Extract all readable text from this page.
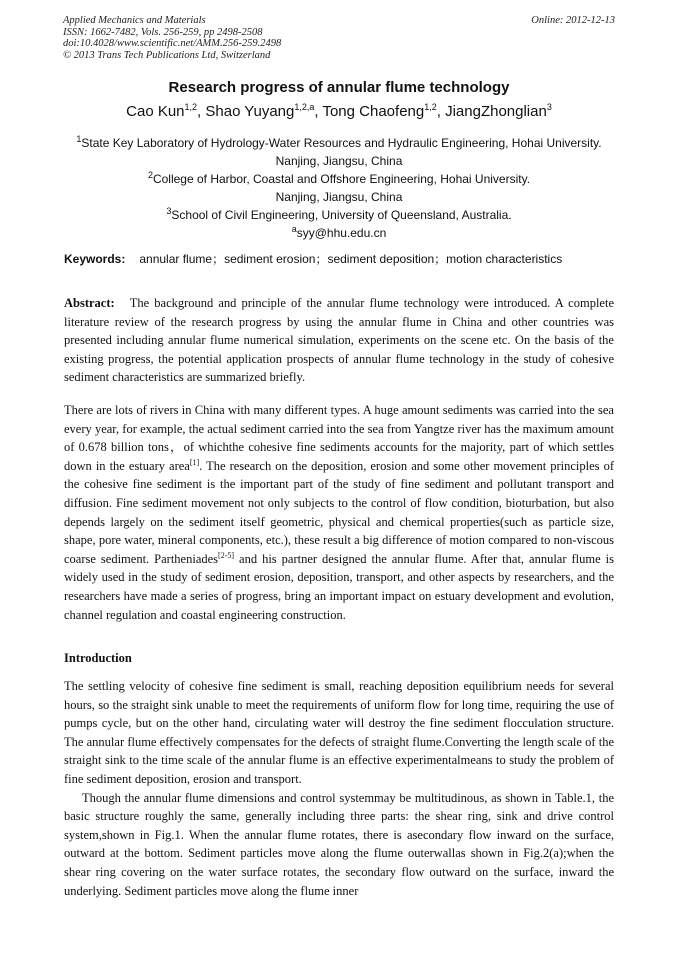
Applied Mechanics and Materials
ISSN: 1662-7482, Vols. 256-259, pp 2498-2508
doi:10.4028/www.scientific.net/AMM.256-259.2498
© 2013 Trans Tech Publications Ltd, Switzerland
Online: 2012-12-13
Research progress of annular flume technology
Cao Kun$^{1,2}$, Shao Yuyang$^{1,2,a}$, Tong Chaofeng$^{1,2}$, JiangZhonglian$^3$
$^1$State Key Laboratory of Hydrology-Water Resources and Hydraulic Engineering, Hohai University.
Nanjing, Jiangsu, China
$^2$College of Harbor, Coastal and Offshore Engineering, Hohai University.
Nanjing, Jiangsu, China
$^3$School of Civil Engineering, University of Queensland, Australia.
$^a$syy@hhu.edu.cn
Keywords: annular flume；sediment erosion；sediment deposition；motion characteristics

Abstract: The background and principle of the annular flume technology were introduced. A complete literature review of the research progress by using the annular flume in China and other countries was presented including annular flume numerical simulation, experiments on the scene etc. On the basis of the existing progress, the potential application prospects of annular flume technology in the study of cohesive sediment characteristics are summarized briefly.

There are lots of rivers in China with many different types. A huge amount sediments was carried into the sea every year, for example, the actual sediment carried into the sea from Yangtze river has the maximum amount of 0.678 billion tons，of whichthe cohesive fine sediments accounts for the majority, part of which settles down in the estuary area[1]. The research on the deposition, erosion and some other movement principles of the cohesive fine sediment is the important part of the study of fine sediment and pollutant transport and diffusion. Fine sediment movement not only subjects to the control of flow condition, bioturbation, but also depends largely on the sediment itself geometric, physical and chemical properties(such as particle size, shape, pore water, mineral components, etc.), these result a big difference of motion compared to non-viscous coarse sediment. Partheniades[2-5] and his partner designed the annular flume. After that, annular flume is widely used in the study of sediment erosion, deposition, transport, and other aspects by researchers, and the researchers have made a series of progress, bring an important impact on estuary development and evolution, channel regulation and coastal engineering construction.

Introduction

The settling velocity of cohesive fine sediment is small, reaching deposition equilibrium needs for several hours, so the straight sink unable to meet the requirements of uniform flow for long time, requiring the use of pumps cycle, but on the other hand, circulating water will destroy the fine sediment flocculation structure. The annular flume effectively compensates for the defects of straight flume.Converting the length scale of the straight sink to the time scale of the annular flume is an effective experimentalmeans to study the problem of fine sediment deposition, erosion and transport.

Though the annular flume dimensions and control systemmay be multitudinous, as shown in Table.1, the basic structure roughly the same, generally including three parts: the shear ring, sink and drive control system,shown in Fig.1. When the annular flume rotates, there is asecondary flow inward on the surface, outward at the bottom. Sediment particles move along the flume outerwallas shown in Fig.2(a);when the shear ring covering on the water surface rotates, the secondary flow outward on the surface, inward the underlying. Sediment particles move along the flume inner
